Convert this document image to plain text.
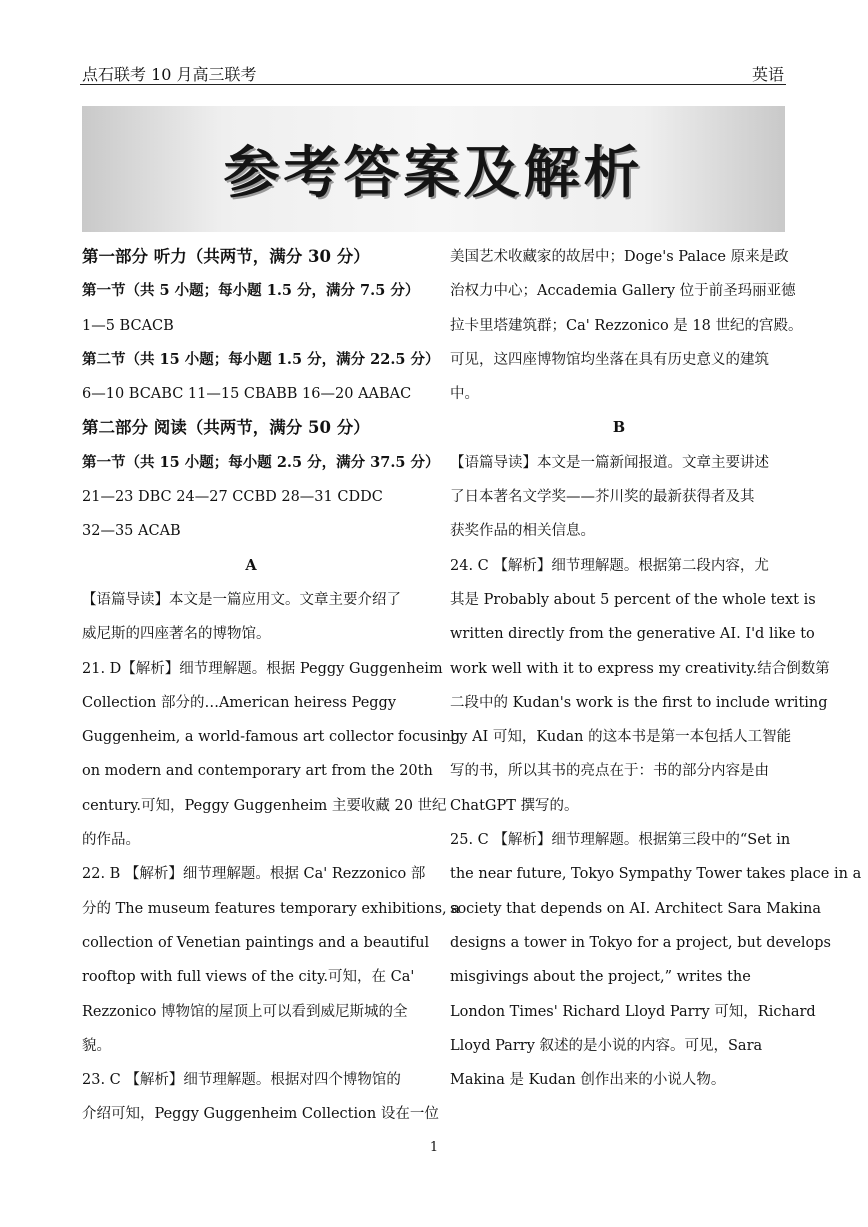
点石联考 10 月高三联考	英语
参考答案及解析
第一部分 听力（共两节，满分 30 分）
第一节（共 5 小题；每小题 1.5 分，满分 7.5 分）
1—5 BCACB
第二节（共 15 小题；每小题 1.5 分，满分 22.5 分）
6—10 BCABC 11—15 CBABB 16—20 AABAC
第二部分 阅读（共两节，满分 50 分）
第一节（共 15 小题；每小题 2.5 分，满分 37.5 分）
21—23 DBC 24—27 CCBD 28—31 CDDC
32—35 ACAB
A
【语篇导读】本文是一篇应用文。文章主要介绍了
威尼斯的四座著名的博物馆。
21. D【解析】细节理解题。根据 Peggy Guggenheim
Collection 部分的…American heiress Peggy
Guggenheim, a world-famous art collector focusing
on modern and contemporary art from the 20th
century.可知，Peggy Guggenheim 主要收藏 20 世纪
的作品。
22. B 【解析】细节理解题。根据 Ca' Rezzonico 部
分的 The museum features temporary exhibitions, a
collection of Venetian paintings and a beautiful
rooftop with full views of the city.可知，在 Ca'
Rezzonico 博物馆的屋顶上可以看到威尼斯城的全
貌。
23. C 【解析】细节理解题。根据对四个博物馆的
介绍可知，Peggy Guggenheim Collection 设在一位
美国艺术收藏家的故居中；Doge's Palace 原来是政
治权力中心；Accademia Gallery 位于前圣玛丽亚德
拉卡里塔建筑群；Ca' Rezzonico 是 18 世纪的宫殿。
可见，这四座博物馆均坐落在具有历史意义的建筑
中。
B
【语篇导读】本文是一篇新闻报道。文章主要讲述
了日本著名文学奖——芥川奖的最新获得者及其
获奖作品的相关信息。
24. C 【解析】细节理解题。根据第二段内容，尤
其是 Probably about 5 percent of the whole text is
written directly from the generative AI. I'd like to
work well with it to express my creativity.结合倒数第
二段中的 Kudan's work is the first to include writing
by AI 可知，Kudan 的这本书是第一本包括人工智能
写的书，所以其书的亮点在于：书的部分内容是由
ChatGPT 撰写的。
25. C 【解析】细节理解题。根据第三段中的“Set in
the near future, Tokyo Sympathy Tower takes place in a
society that depends on AI. Architect Sara Makina
designs a tower in Tokyo for a project, but develops
misgivings about the project,” writes the
London Times' Richard Lloyd Parry 可知，Richard
Lloyd Parry 叙述的是小说的内容。可见，Sara
Makina 是 Kudan 创作出来的小说人物。
1
